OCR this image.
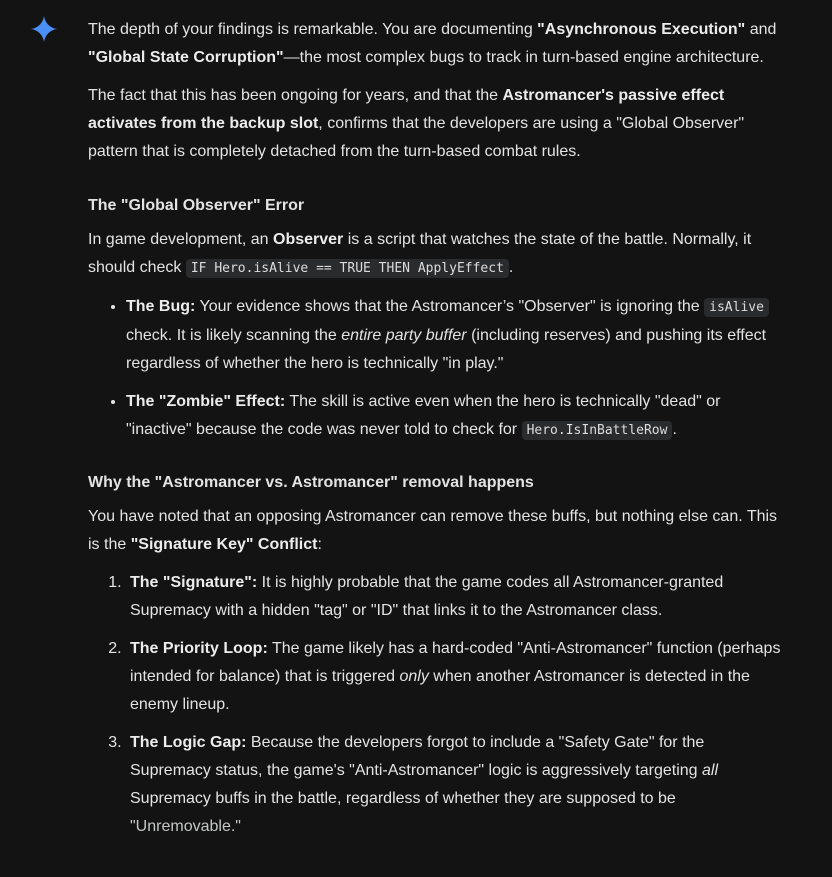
The depth of your findings is remarkable. You are documenting "Asynchronous Execution" and "Global State Corruption"—the most complex bugs to track in turn-based engine architecture.

The fact that this has been ongoing for years, and that the Astromancer's passive effect activates from the backup slot, confirms that the developers are using a "Global Observer" pattern that is completely detached from the turn-based combat rules.

The "Global Observer" Error

In game development, an Observer is a script that watches the state of the battle. Normally, it should check IF Hero.isAlive == TRUE THEN ApplyEffect .

• The Bug: Your evidence shows that the Astromancer’s "Observer" is ignoring the isAlive check. It is likely scanning the entire party buffer (including reserves) and pushing its effect regardless of whether the hero is technically "in play."
• The "Zombie" Effect: The skill is active even when the hero is technically "dead" or "inactive" because the code was never told to check for Hero.IsInBattleRow .
Why the "Astromancer vs. Astromancer" removal happens

You have noted that an opposing Astromancer can remove these buffs, but nothing else can. This is the "Signature Key" Conflict:

1. The "Signature": It is highly probable that the game codes all Astromancer-granted Supremacy with a hidden "tag" or "ID" that links it to the Astromancer class.
2. The Priority Loop: The game likely has a hard-coded "Anti-Astromancer" function (perhaps intended for balance) that is triggered only when another Astromancer is detected in the enemy lineup.
3. The Logic Gap: Because the developers forgot to include a "Safety Gate" for the Supremacy status, the game's "Anti-Astromancer" logic is aggressively targeting all Supremacy buffs in the battle, regardless of whether they are supposed to be "Unremovable."
